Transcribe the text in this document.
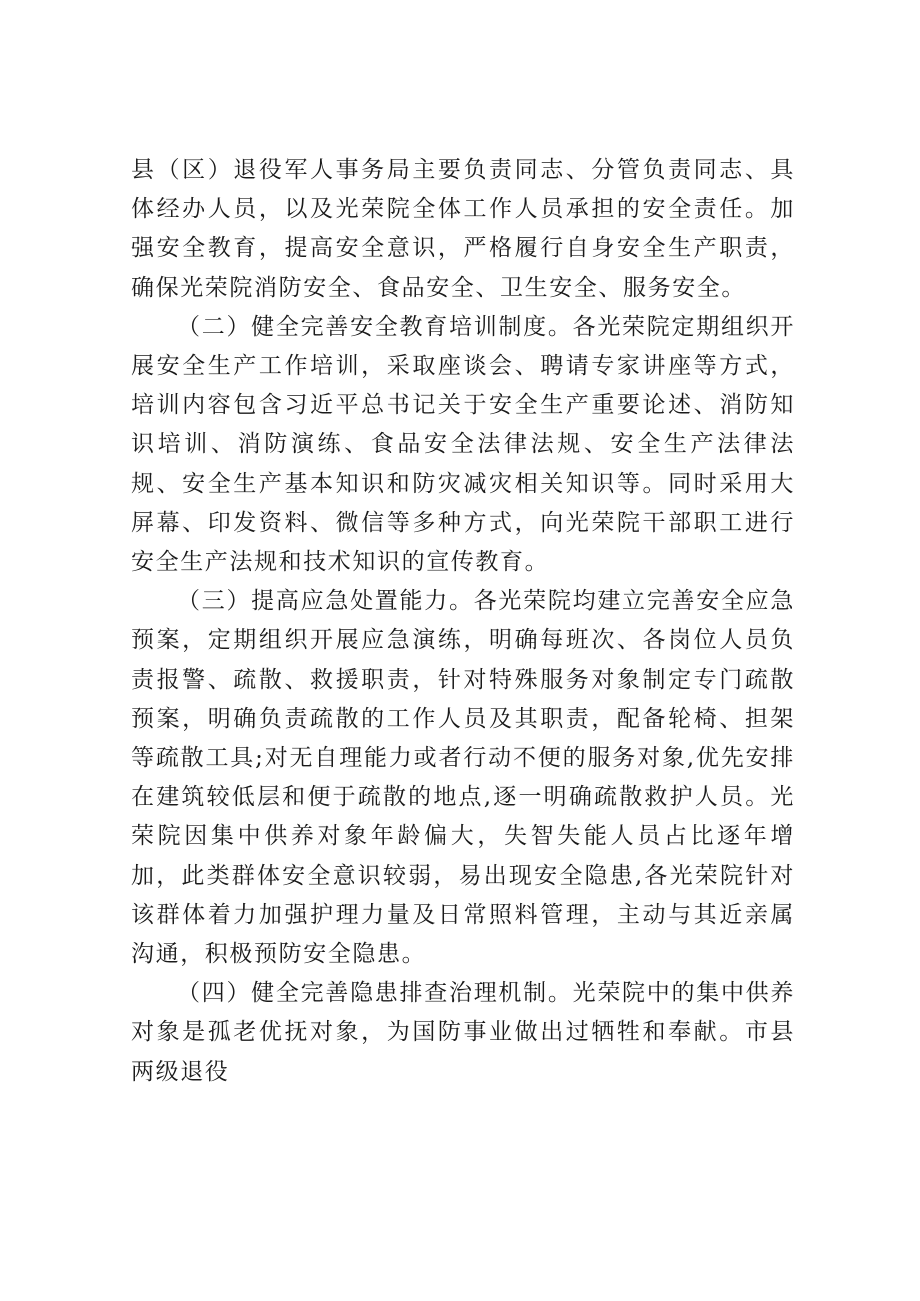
县（区）退役军人事务局主要负责同志、分管负责同志、具体经办人员，以及光荣院全体工作人员承担的安全责任。加强安全教育，提高安全意识，严格履行自身安全生产职责，确保光荣院消防安全、食品安全、卫生安全、服务安全。

（二）健全完善安全教育培训制度。各光荣院定期组织开展安全生产工作培训，采取座谈会、聘请专家讲座等方式，培训内容包含习近平总书记关于安全生产重要论述、消防知识培训、消防演练、食品安全法律法规、安全生产法律法规、安全生产基本知识和防灾减灾相关知识等。同时采用大屏幕、印发资料、微信等多种方式，向光荣院干部职工进行安全生产法规和技术知识的宣传教育。

（三）提高应急处置能力。各光荣院均建立完善安全应急预案，定期组织开展应急演练，明确每班次、各岗位人员负责报警、疏散、救援职责，针对特殊服务对象制定专门疏散预案，明确负责疏散的工作人员及其职责，配备轮椅、担架等疏散工具;对无自理能力或者行动不便的服务对象,优先安排在建筑较低层和便于疏散的地点,逐一明确疏散救护人员。光荣院因集中供养对象年龄偏大，失智失能人员占比逐年增加，此类群体安全意识较弱，易出现安全隐患,各光荣院针对该群体着力加强护理力量及日常照料管理，主动与其近亲属沟通，积极预防安全隐患。

（四）健全完善隐患排查治理机制。光荣院中的集中供养对象是孤老优抚对象，为国防事业做出过牺牲和奉献。市县两级退役
